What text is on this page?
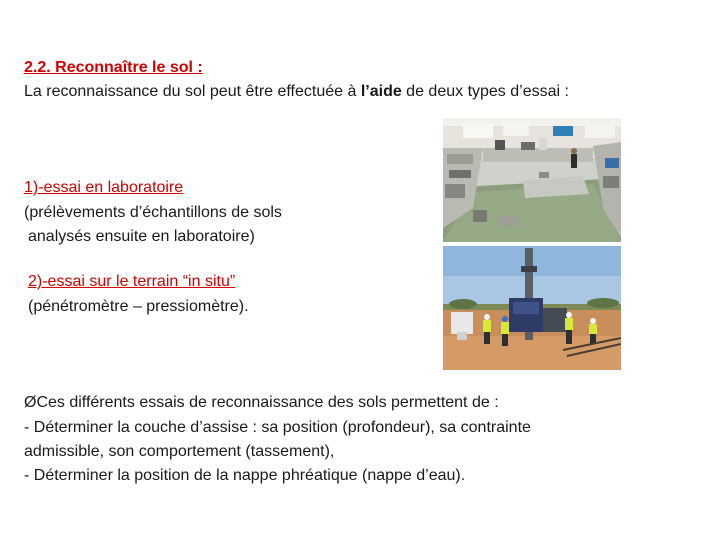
2.2. Reconnaître le sol :
La reconnaissance du sol peut être effectuée à l’aide de deux types d’essai :
1)-essai en laboratoire
(prélèvements d’échantillons de sols
analysés ensuite en laboratoire)
2)-essai sur le terrain “in situ”
(pénétromètre – pressiomètre).
ØCes différents essais de reconnaissance des sols permettent de :
- Déterminer la couche d’assise : sa position (profondeur), sa contrainte
admissible, son comportement (tassement),
- Déterminer la position de la nappe phréatique (nappe d’eau).
